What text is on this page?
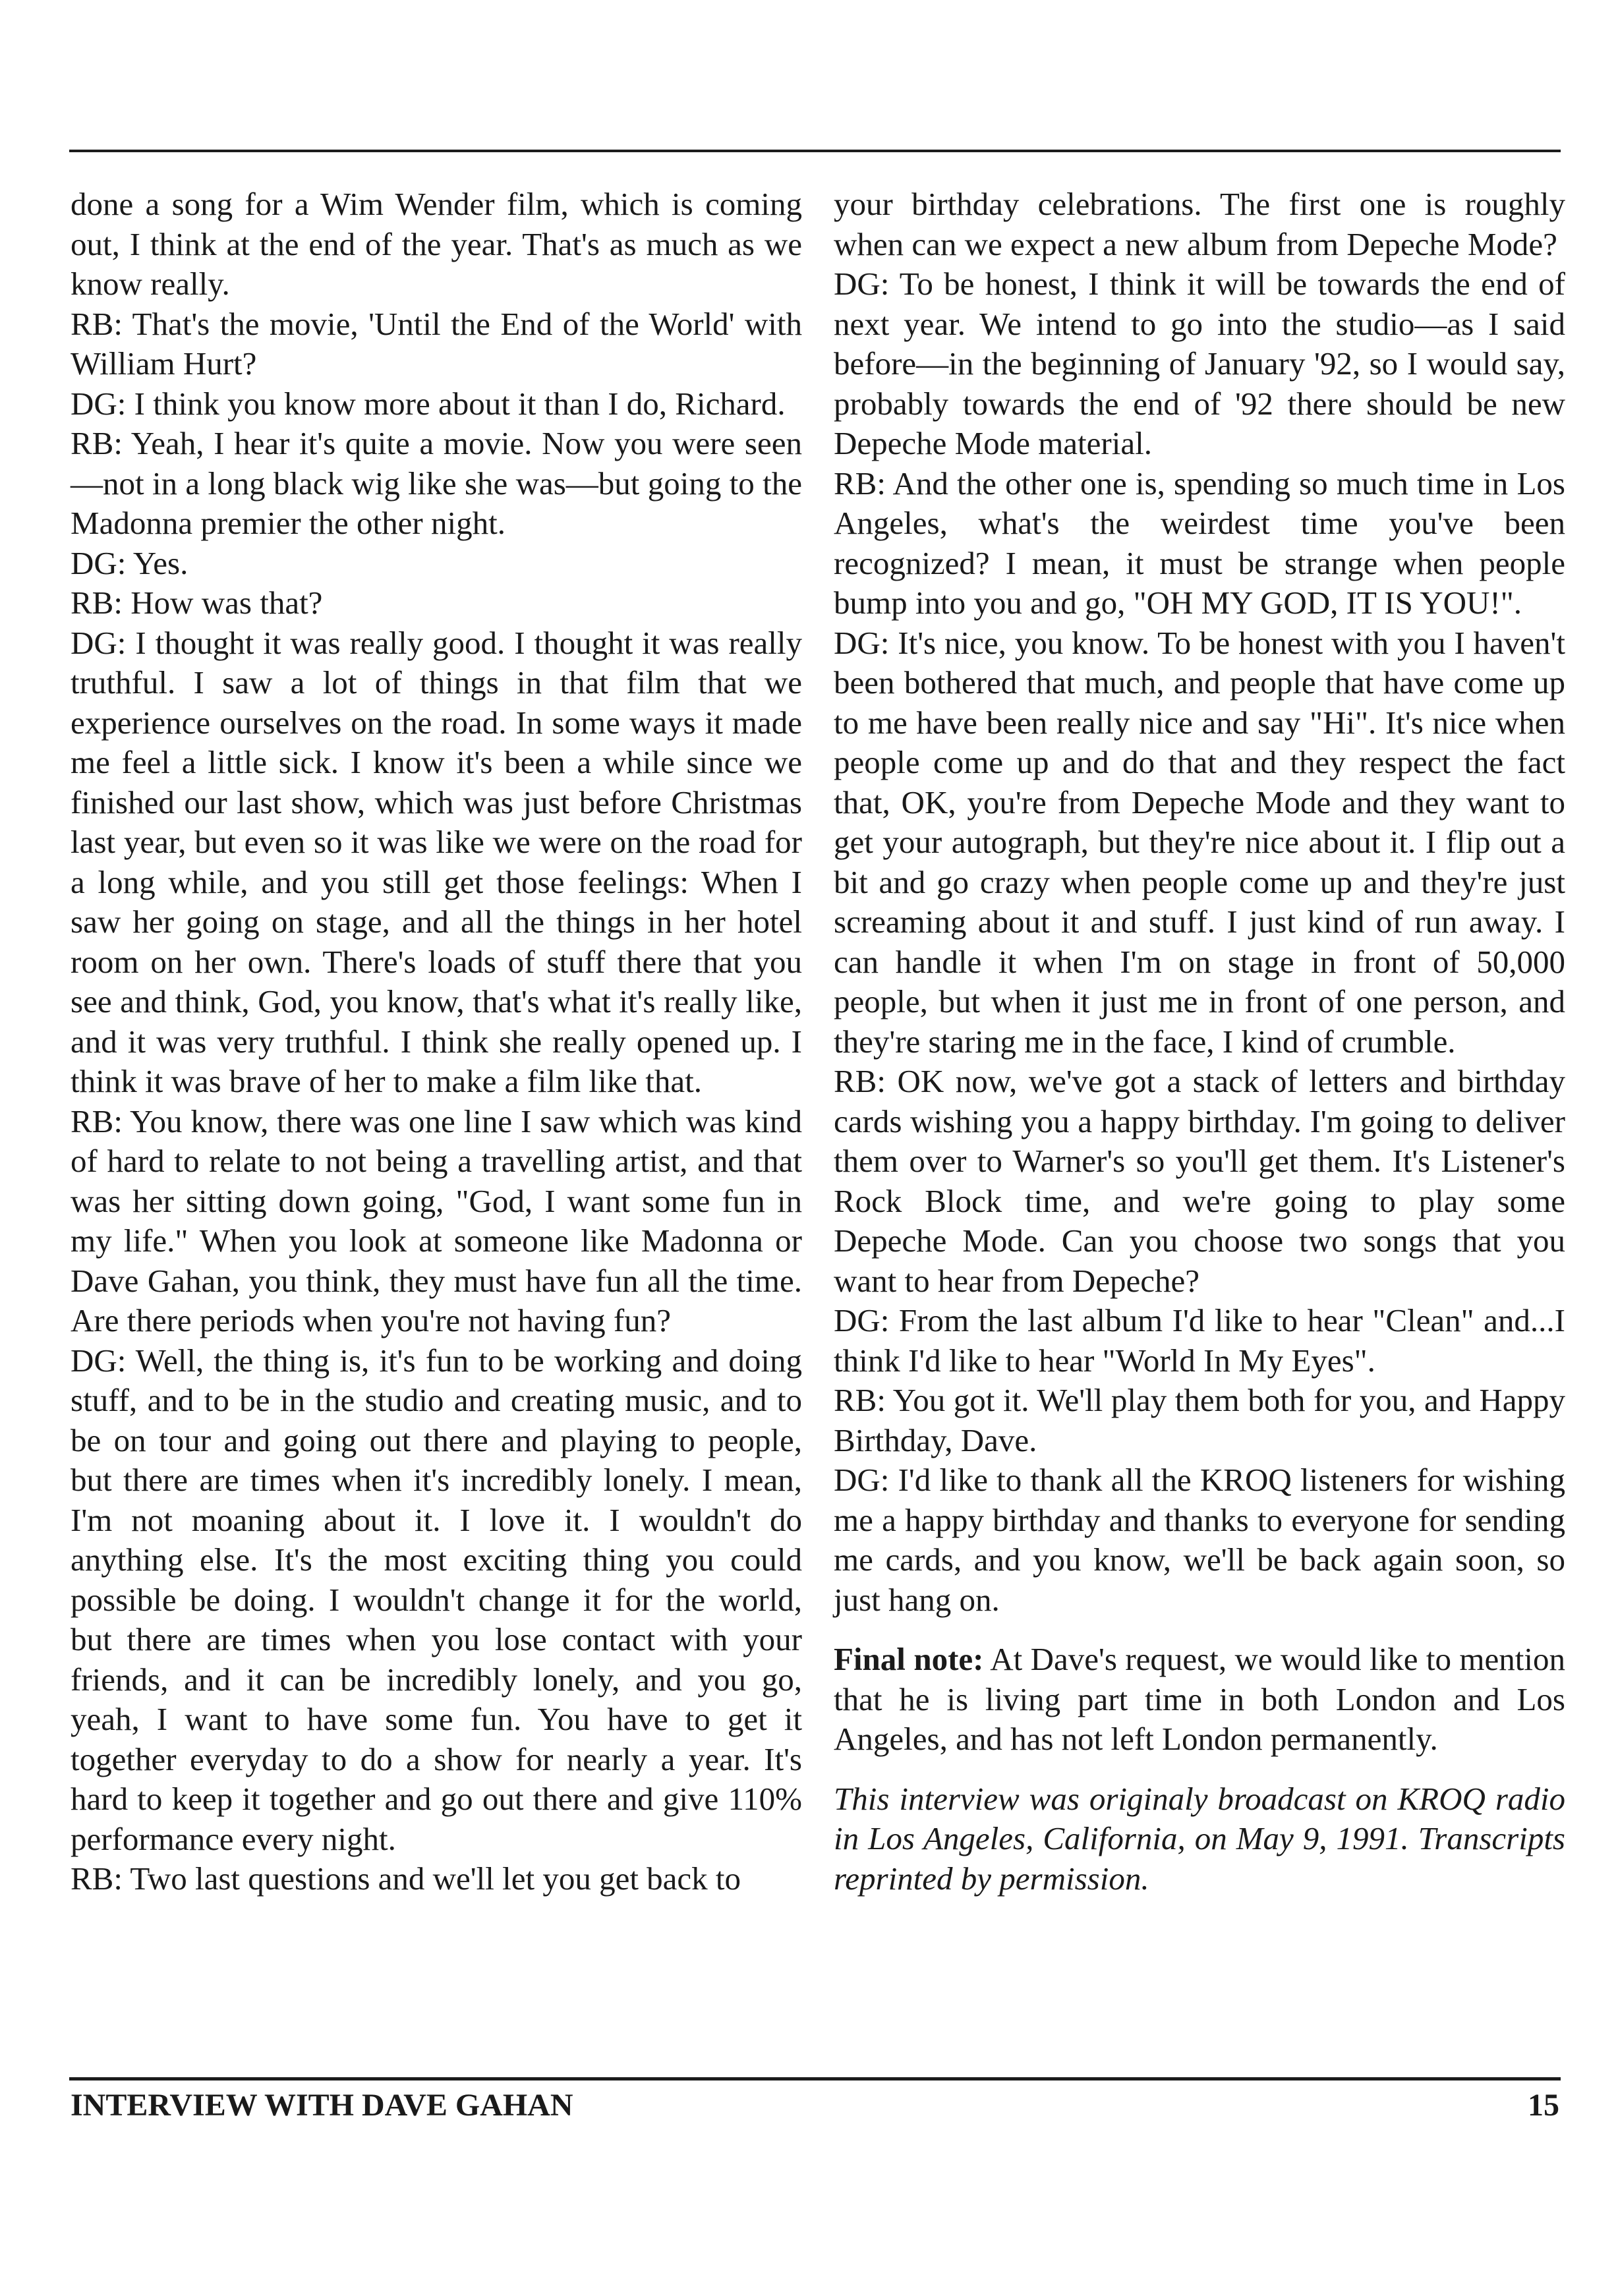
done a song for a Wim Wender film, which is coming out, I think at the end of the year. That's as much as we know really.

RB: That's the movie, 'Until the End of the World' with William Hurt?

DG: I think you know more about it than I do, Richard.

RB: Yeah, I hear it's quite a movie. Now you were seen—not in a long black wig like she was—but going to the Madonna premier the other night.

DG: Yes.

RB: How was that?

DG: I thought it was really good. I thought it was really truthful. I saw a lot of things in that film that we experience ourselves on the road. In some ways it made me feel a little sick. I know it's been a while since we finished our last show, which was just before Christmas last year, but even so it was like we were on the road for a long while, and you still get those feelings: When I saw her going on stage, and all the things in her hotel room on her own. There's loads of stuff there that you see and think, God, you know, that's what it's really like, and it was very truthful. I think she really opened up. I think it was brave of her to make a film like that.

RB: You know, there was one line I saw which was kind of hard to relate to not being a travelling artist, and that was her sitting down going, "God, I want some fun in my life." When you look at someone like Madonna or Dave Gahan, you think, they must have fun all the time. Are there periods when you're not having fun?

DG: Well, the thing is, it's fun to be working and doing stuff, and to be in the studio and creating music, and to be on tour and going out there and playing to people, but there are times when it's incredibly lonely. I mean, I'm not moaning about it. I love it. I wouldn't do anything else. It's the most exciting thing you could possible be doing. I wouldn't change it for the world, but there are times when you lose contact with your friends, and it can be incredibly lonely, and you go, yeah, I want to have some fun. You have to get it together everyday to do a show for nearly a year. It's hard to keep it together and go out there and give 110% performance every night.

RB: Two last questions and we'll let you get back to

your birthday celebrations. The first one is roughly when can we expect a new album from Depeche Mode?

DG: To be honest, I think it will be towards the end of next year. We intend to go into the studio—as I said before—in the beginning of January '92, so I would say, probably towards the end of '92 there should be new Depeche Mode material.

RB: And the other one is, spending so much time in Los Angeles, what's the weirdest time you've been recognized? I mean, it must be strange when people bump into you and go, "OH MY GOD, IT IS YOU!".

DG: It's nice, you know. To be honest with you I haven't been bothered that much, and people that have come up to me have been really nice and say "Hi". It's nice when people come up and do that and they respect the fact that, OK, you're from Depeche Mode and they want to get your autograph, but they're nice about it. I flip out a bit and go crazy when people come up and they're just screaming about it and stuff. I just kind of run away. I can handle it when I'm on stage in front of 50,000 people, but when it just me in front of one person, and they're staring me in the face, I kind of crumble.

RB: OK now, we've got a stack of letters and birthday cards wishing you a happy birthday. I'm going to deliver them over to Warner's so you'll get them. It's Listener's Rock Block time, and we're going to play some Depeche Mode. Can you choose two songs that you want to hear from Depeche?

DG: From the last album I'd like to hear "Clean" and...I think I'd like to hear "World In My Eyes".

RB: You got it. We'll play them both for you, and Happy Birthday, Dave.

DG: I'd like to thank all the KROQ listeners for wishing me a happy birthday and thanks to everyone for sending me cards, and you know, we'll be back again soon, so just hang on.

Final note: At Dave's request, we would like to mention that he is living part time in both London and Los Angeles, and has not left London permanently.

This interview was originaly broadcast on KROQ radio in Los Angeles, California, on May 9, 1991. Transcripts reprinted by permission.

INTERVIEW WITH DAVE GAHAN	15
